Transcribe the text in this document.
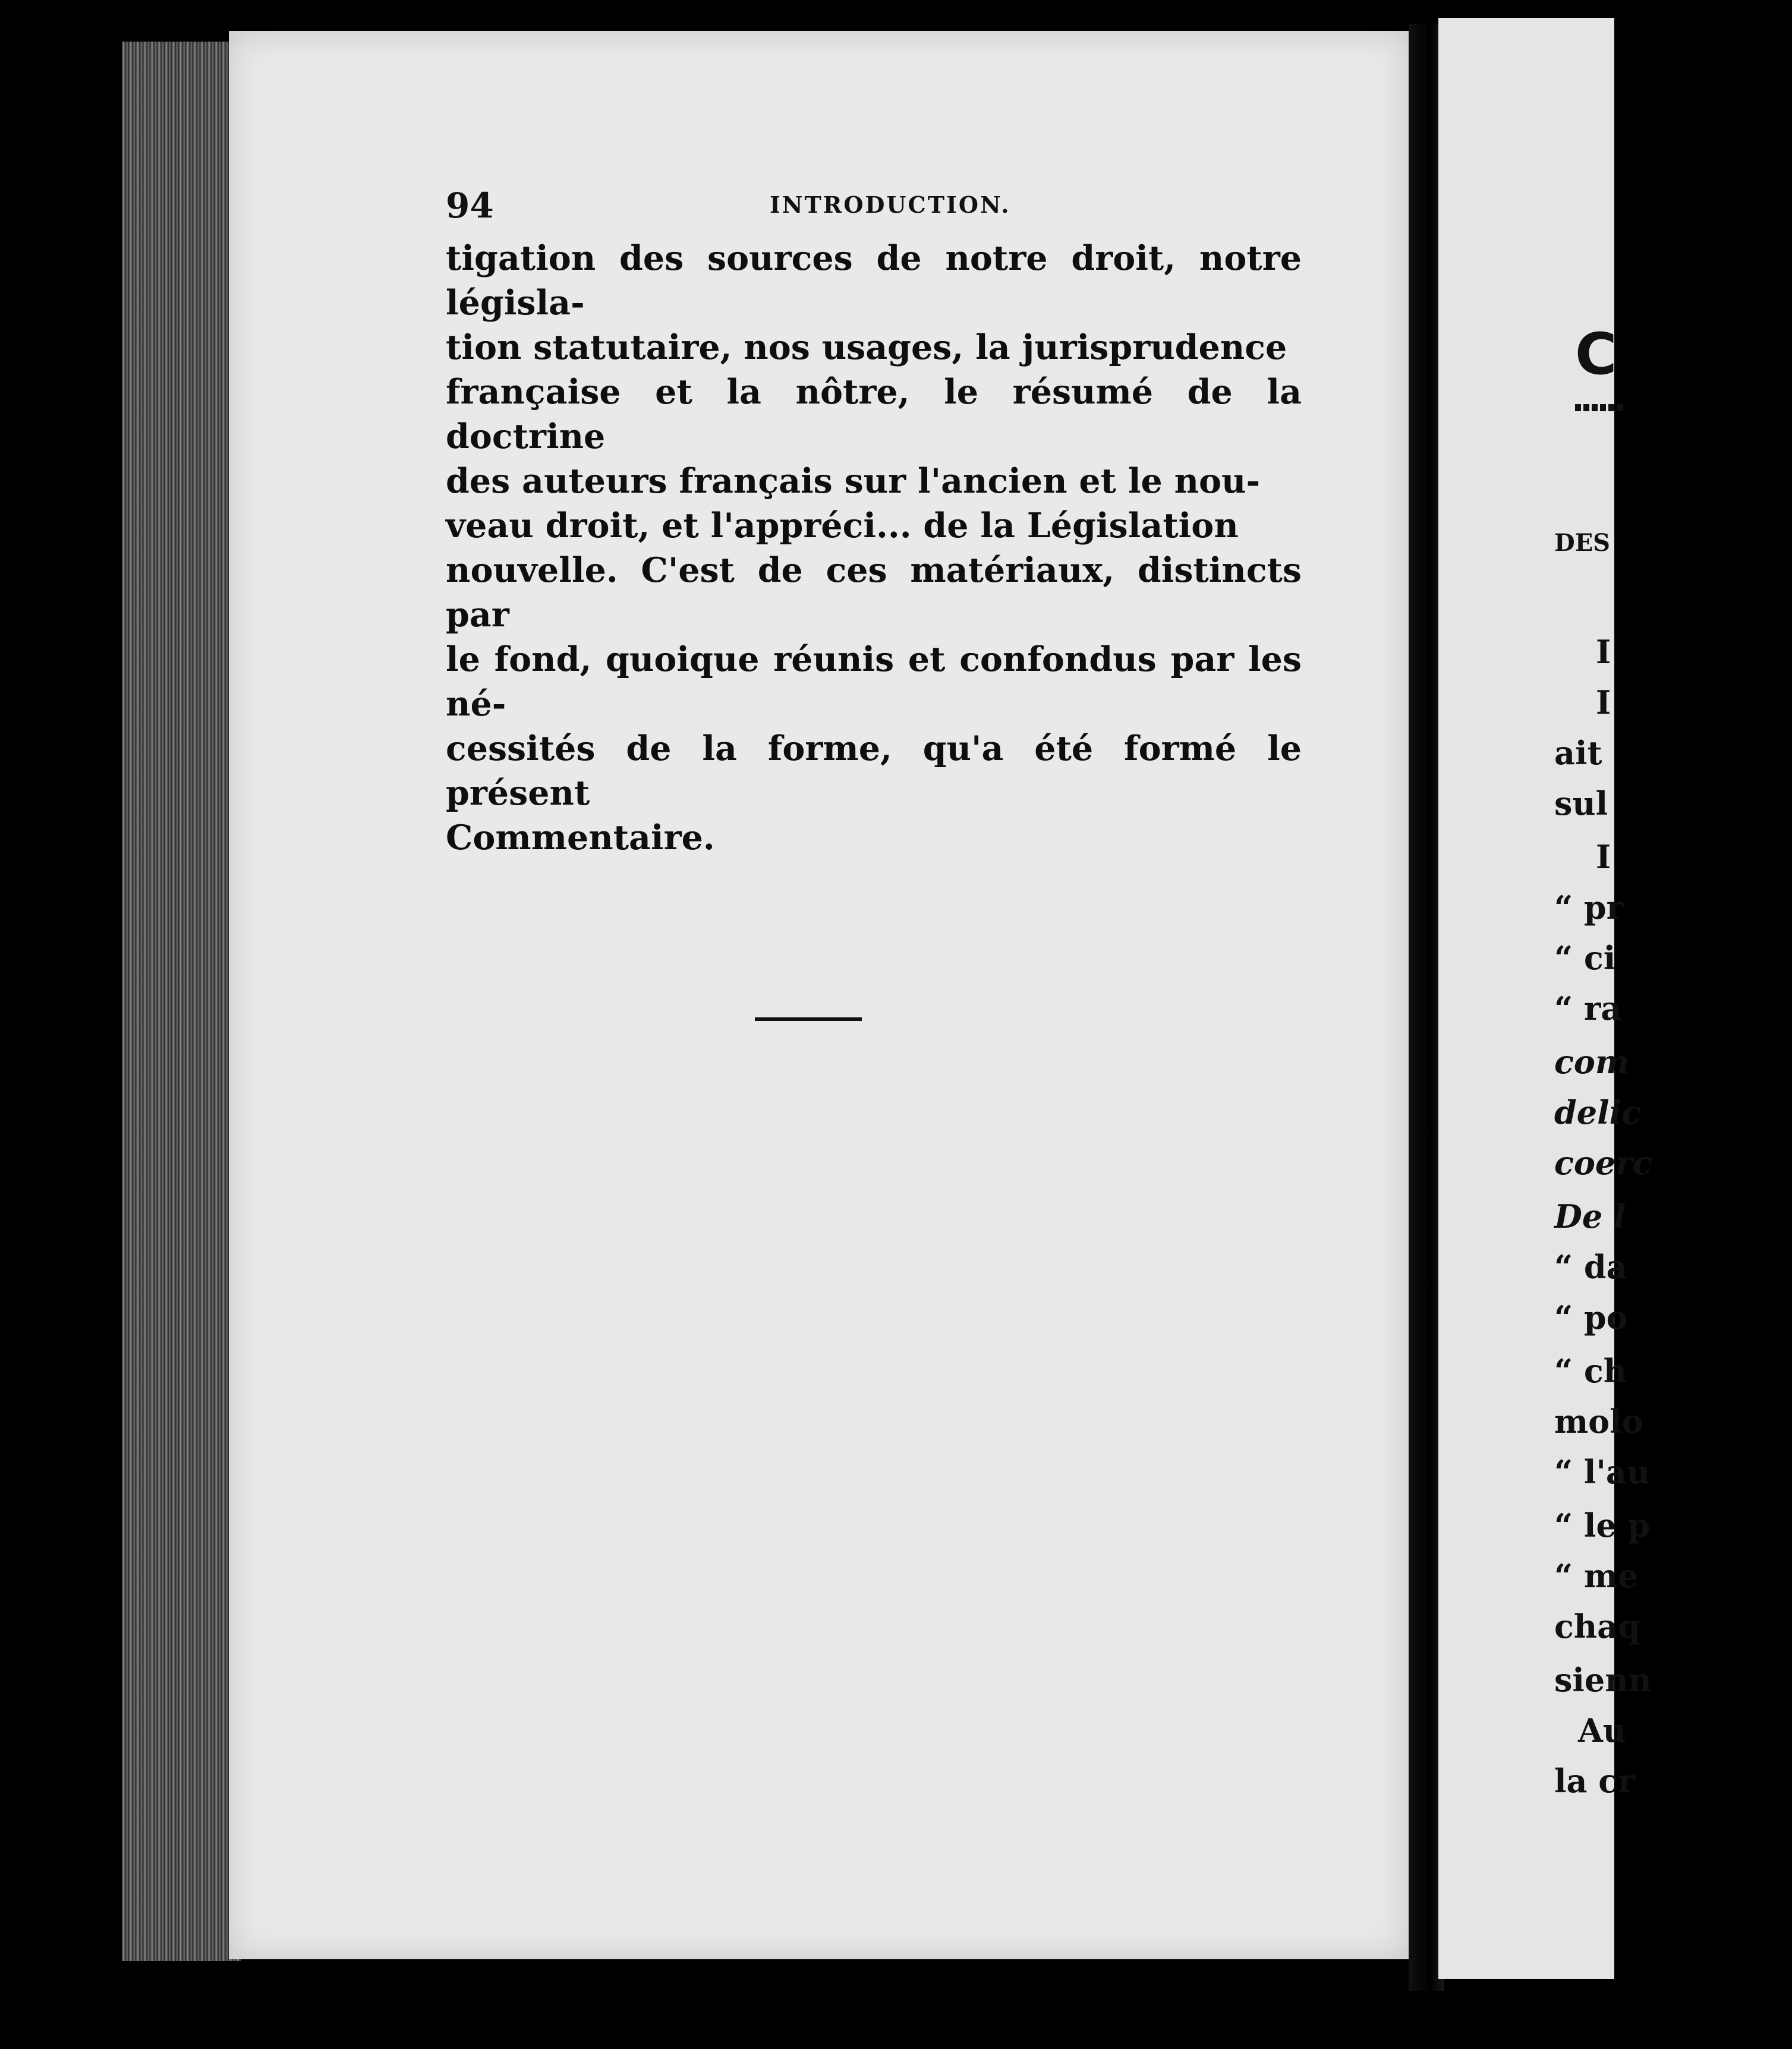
94	INTRODUCTION.

tigation des sources de notre droit, notre législa-

tion statutaire, nos usages, la jurisprudence

française et la nôtre, le résumé de la doctrine

des auteurs français sur l'ancien et le nou-

veau droit, et l'appréci... de la Législation

nouvelle. C'est de ces matériaux, distincts par

le fond, quoique réunis et confondus par les né-

cessités de la forme, qu'a été formé le présent

Commentaire.

C
DES
I
I
ait
sul
I
“ pr
“ ci
“ ra
com
delic
coerc
De l
“ da
“ po
“ ch
molo
“ l'au
“ le p
“ me
chaq
sienn
Au
la cr
